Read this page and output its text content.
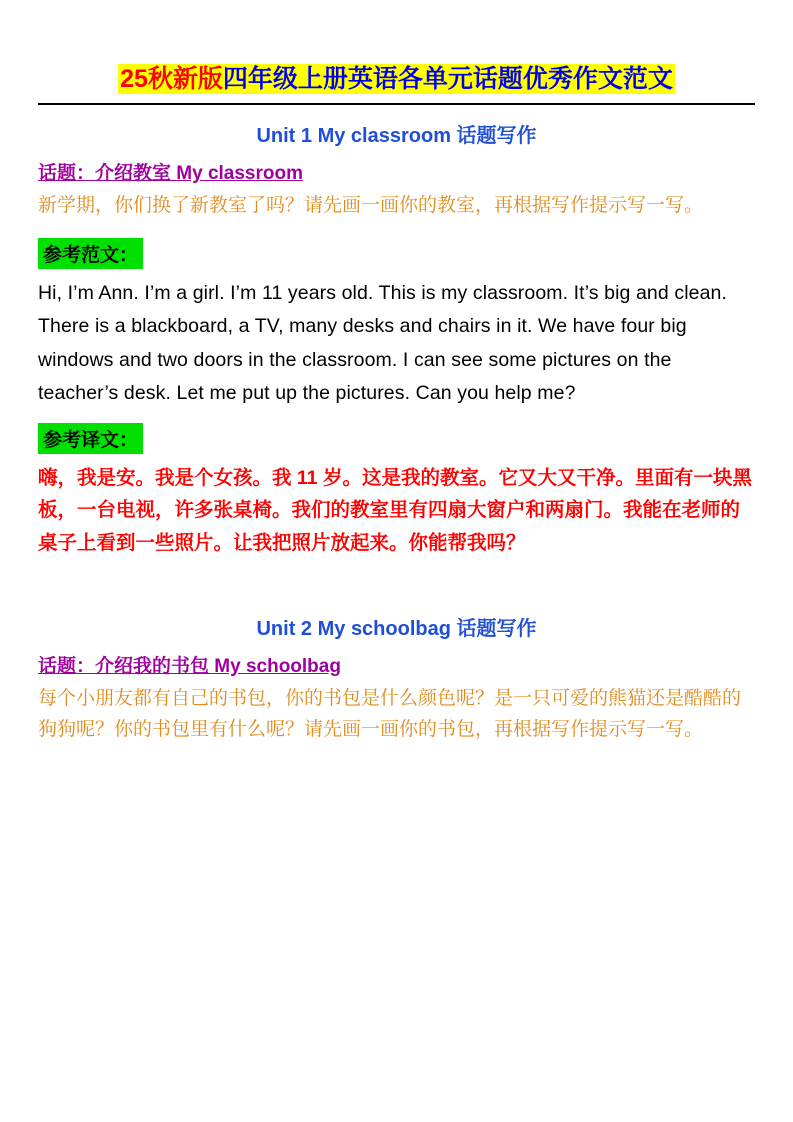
25秋新版四年级上册英语各单元话题优秀作文范文
Unit 1 My classroom 话题写作

话题：介绍教室 My classroom

新学期，你们换了新教室了吗？请先画一画你的教室，再根据写作提示写一写。

参考范文：

Hi, I’m Ann. I’m a girl. I’m 11 years old. This is my classroom. It’s big and clean. There is a blackboard, a TV, many desks and chairs in it. We have four big windows and two doors in the classroom. I can see some pictures on the teacher’s desk. Let me put up the pictures. Can you help me?

参考译文：

嗨，我是安。我是个女孩。我 11 岁。这是我的教室。它又大又干净。里面有一块黑板，一台电视，许多张桌椅。我们的教室里有四扇大窗户和两扇门。我能在老师的桌子上看到一些照片。让我把照片放起来。你能帮我吗？

Unit 2 My schoolbag 话题写作

话题：介绍我的书包 My schoolbag

每个小朋友都有自己的书包，你的书包是什么颜色呢？是一只可爱的熊猫还是酷酷的狗狗呢？你的书包里有什么呢？请先画一画你的书包，再根据写作提示写一写。
